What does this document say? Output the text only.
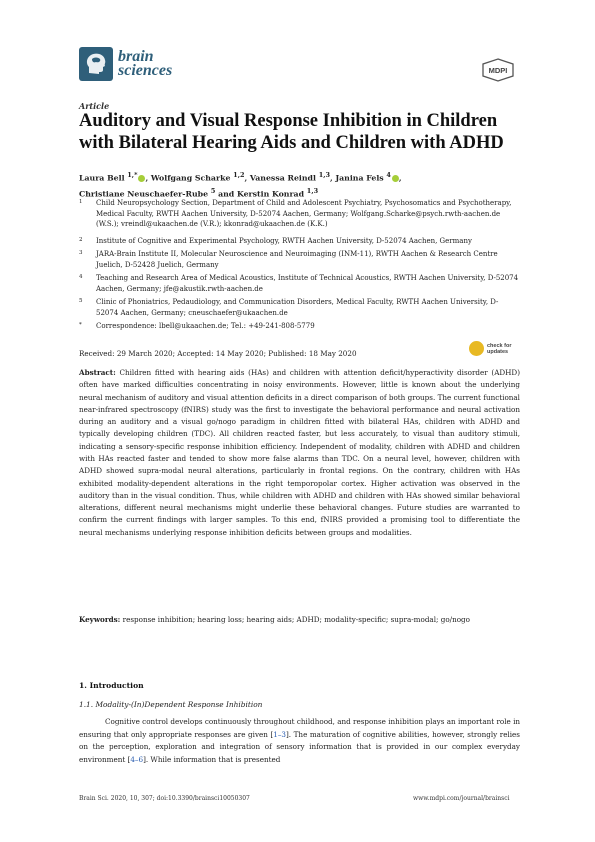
brain
sciences	MDPI
Article
Auditory and Visual Response Inhibition in Children with Bilateral Hearing Aids and Children with ADHD
Laura Bell $^{1,*}$ , Wolfgang Scharke $^{1,2}$, Vanessa Reindl $^{1,3}$, Janina Fels $^4$ ,
Christiane Neuschaefer-Rube $^5$ and Kerstin Konrad $^{1,3}$
1	Child Neuropsychology Section, Department of Child and Adolescent Psychiatry, Psychosomatics and Psychotherapy, Medical Faculty, RWTH Aachen University, D-52074 Aachen, Germany; Wolfgang.Scharke@psych.rwth-aachen.de (W.S.); vreindl@ukaachen.de (V.R.); kkonrad@ukaachen.de (K.K.)
2	Institute of Cognitive and Experimental Psychology, RWTH Aachen University, D-52074 Aachen, Germany
3	JARA-Brain Institute II, Molecular Neuroscience and Neuroimaging (INM-11), RWTH Aachen & Research Centre Juelich, D-52428 Juelich, Germany
4	Teaching and Research Area of Medical Acoustics, Institute of Technical Acoustics, RWTH Aachen University, D-52074 Aachen, Germany; jfe@akustik.rwth-aachen.de
5	Clinic of Phoniatrics, Pedaudiology, and Communication Disorders, Medical Faculty, RWTH Aachen University, D-52074 Aachen, Germany; cneuschaefer@ukaachen.de
*	Correspondence: lbell@ukaachen.de; Tel.: +49-241-808-5779
check for
updates
Received: 29 March 2020; Accepted: 14 May 2020; Published: 18 May 2020
Abstract: Children fitted with hearing aids (HAs) and children with attention deficit/hyperactivity disorder (ADHD) often have marked difficulties concentrating in noisy environments. However, little is known about the underlying neural mechanism of auditory and visual attention deficits in a direct comparison of both groups. The current functional near-infrared spectroscopy (fNIRS) study was the first to investigate the behavioral performance and neural activation during an auditory and a visual go/nogo paradigm in children fitted with bilateral HAs, children with ADHD and typically developing children (TDC). All children reacted faster, but less accurately, to visual than auditory stimuli, indicating a sensory-specific response inhibition efficiency. Independent of modality, children with ADHD and children with HAs reacted faster and tended to show more false alarms than TDC. On a neural level, however, children with ADHD showed supra-modal neural alterations, particularly in frontal regions. On the contrary, children with HAs exhibited modality-dependent alterations in the right temporopolar cortex. Higher activation was observed in the auditory than in the visual condition. Thus, while children with ADHD and children with HAs showed similar behavioral alterations, different neural mechanisms might underlie these behavioral changes. Future studies are warranted to confirm the current findings with larger samples. To this end, fNIRS provided a promising tool to differentiate the neural mechanisms underlying response inhibition deficits between groups and modalities.
Keywords: response inhibition; hearing loss; hearing aids; ADHD; modality-specific; supra-modal; go/nogo
1. Introduction
1.1. Modality-(In)Dependent Response Inhibition

Cognitive control develops continuously throughout childhood, and response inhibition plays an important role in ensuring that only appropriate responses are given [1–3]. The maturation of cognitive abilities, however, strongly relies on the perception, exploration and integration of sensory information that is provided in our complex everyday environment [4–6]. While information that is presented

Brain Sci. 2020, 10, 307; doi:10.3390/brainsci10050307	www.mdpi.com/journal/brainsci
